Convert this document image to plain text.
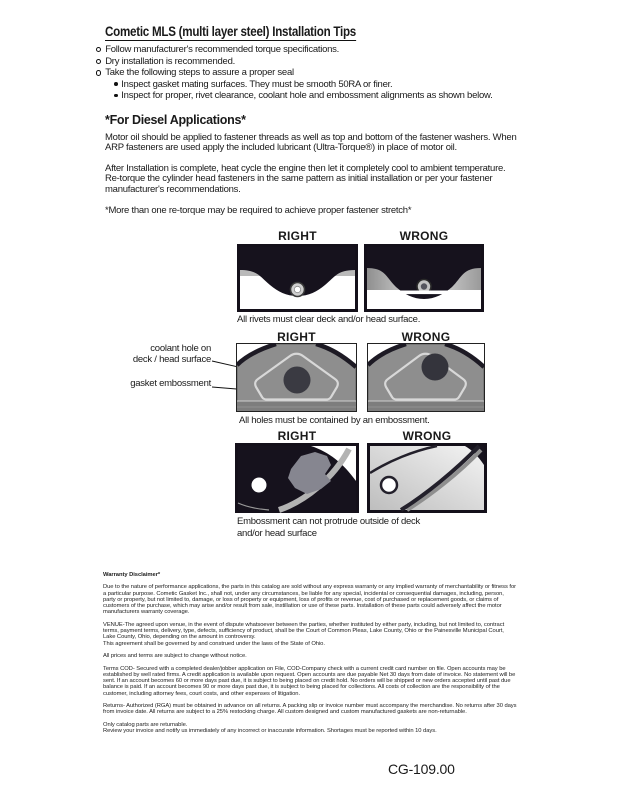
Cometic MLS (multi layer steel) Installation Tips
Follow manufacturer's recommended torque specifications.
Dry installation is recommended.
Take the following steps to assure a proper seal
Inspect gasket mating surfaces. They must be smooth 50RA or finer.
Inspect for proper, rivet clearance, coolant hole and embossment alignments as shown below.
*For Diesel Applications*
Motor oil should be applied to fastener threads as well as top and bottom of the fastener washers. When ARP fasteners are used apply the included lubricant (Ultra-Torque®) in place of motor oil.
After Installation is complete, heat cycle the engine then let it completely cool to ambient temperature. Re-torque the cylinder head fasteners in the same pattern as initial installation or per your fastener manufacturer's recommendations.
*More than one re-torque may be required to achieve proper fastener stretch*
RIGHT	WRONG
All rivets must clear deck and/or head surface.
RIGHT	WRONG
coolant hole on
deck / head surface
gasket embossment
All holes must be contained by an embossment.
RIGHT	WRONG
Embossment can not protrude outside of deck
and/or head surface

Warranty Disclaimer*

Due to the nature of performance applications, the parts in this catalog are sold without any express warranty or any implied warranty of merchantability or fitness for a particular purpose. Cometic Gasket Inc., shall not, under any circumstances, be liable for any special, incidental or consequential damages, including, person, party or property, but not limited to, damage, or loss of property or equipment, loss of profits or revenue, cost of purchased or replacement goods, or claims of customers of the purchase, which may arise and/or result from sale, instillation or use of these parts. Installation of these parts could adversely affect the motor manufacturers warranty coverage.

VENUE-The agreed upon venue, in the event of dispute whatsoever between the parties, whether instituted by either party, including, but not limited to, contract terms, payment terms, delivery, type, defects, sufficiency of product, shall be the Court of Common Pleas, Lake County, Ohio or the Painesville Municipal Court, Lake County, Ohio, depending on the amount in controversy.
This agreement shall be governed by and construed under the laws of the State of Ohio.

All prices and terms are subject to change without notice.

Terms COD- Secured with a completed dealer/jobber application on File, COD-Company check with a current credit card number on file. Open accounts may be established by well rated firms. A credit application is available upon request. Open accounts are due payable Net 30 days from date of invoice. No statement will be sent. If an account becomes 60 or more days past due, it is subject to being placed on credit hold. No orders will be shipped or new orders accepted until past due balance is paid. If an account becomes 90 or more days past due, it is subject to being placed for collections. All costs of collection are the responsibility of the customer, including attorney fees, court costs, and other expenses of litigation.

Returns- Authorized (RGA) must be obtained in advance on all returns. A packing slip or invoice number must accompany the merchandise. No returns after 30 days from invoice date. All returns are subject to a 25% restocking charge. All custom designed and custom manufactured gaskets are non-returnable.

Only catalog parts are returnable.
Review your invoice and notify us immediately of any incorrect or inaccurate information. Shortages must be reported within 10 days.

CG-109.00
